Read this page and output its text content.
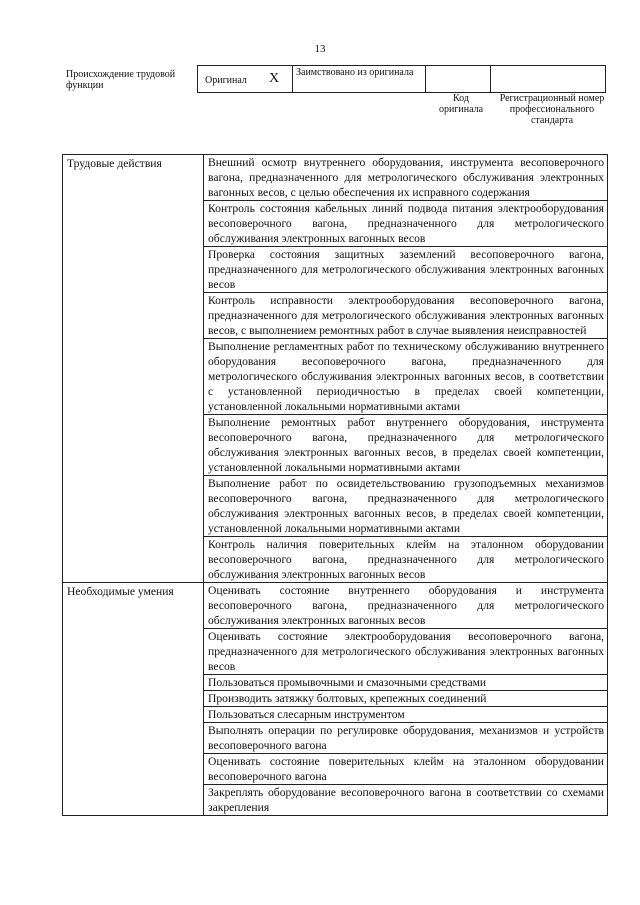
13
Происхождение трудовой функции	Оригинал X Заимствовано из оригинала
Код оригинала
Регистрационный номер профессионального стандарта
Трудовые действия	Внешний осмотр внутреннего оборудования, инструмента весоповерочного вагона, предназначенного для метрологического обслуживания электронных вагонных весов, с целью обеспечения их исправного содержания
	Контроль состояния кабельных линий подвода питания электрооборудования весоповерочного вагона, предназначенного для метрологического обслуживания электронных вагонных весов
	Проверка состояния защитных заземлений весоповерочного вагона, предназначенного для метрологического обслуживания электронных вагонных весов
	Контроль исправности электрооборудования весоповерочного вагона, предназначенного для метрологического обслуживания электронных вагонных весов, с выполнением ремонтных работ в случае выявления неисправностей
	Выполнение регламентных работ по техническому обслуживанию внутреннего оборудования весоповерочного вагона, предназначенного для метрологического обслуживания электронных вагонных весов, в соответствии с установленной периодичностью в пределах своей компетенции, установленной локальными нормативными актами
	Выполнение ремонтных работ внутреннего оборудования, инструмента весоповерочного вагона, предназначенного для метрологического обслуживания электронных вагонных весов, в пределах своей компетенции, установленной локальными нормативными актами
	Выполнение работ по освидетельствованию грузоподъемных механизмов весоповерочного вагона, предназначенного для метрологического обслуживания электронных вагонных весов, в пределах своей компетенции, установленной локальными нормативными актами
	Контроль наличия поверительных клейм на эталонном оборудовании весоповерочного вагона, предназначенного для метрологического обслуживания электронных вагонных весов
Необходимые умения	Оценивать состояние внутреннего оборудования и инструмента весоповерочного вагона, предназначенного для метрологического обслуживания электронных вагонных весов
	Оценивать состояние электрооборудования весоповерочного вагона, предназначенного для метрологического обслуживания электронных вагонных весов
	Пользоваться промывочными и смазочными средствами
	Производить затяжку болтовых, крепежных соединений
	Пользоваться слесарным инструментом
	Выполнять операции по регулировке оборудования, механизмов и устройств весоповерочного вагона
	Оценивать состояние поверительных клейм на эталонном оборудовании весоповерочного вагона
	Закреплять оборудование весоповерочного вагона в соответствии со схемами закрепления
